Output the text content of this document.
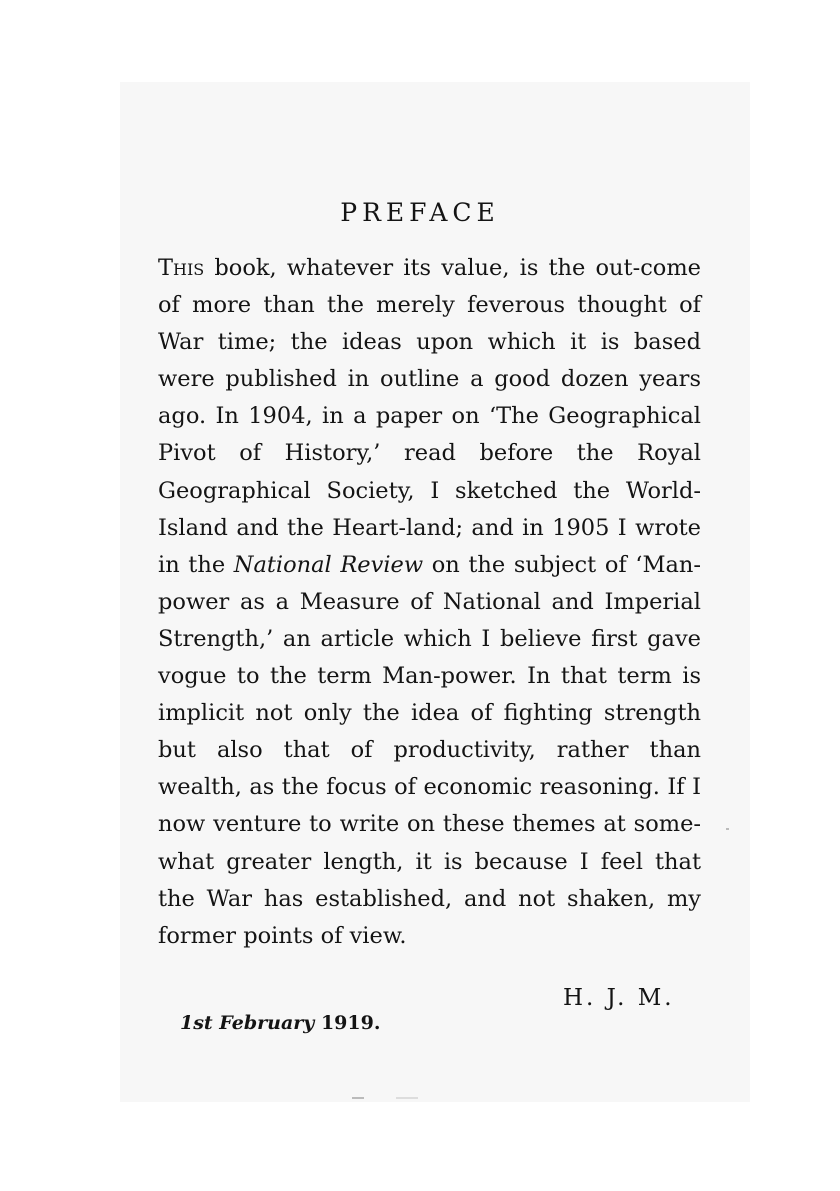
PREFACE

This book, whatever its value, is the out-come of more than the merely feverous thought of War time; the ideas upon which it is based were published in outline a good dozen years ago. In 1904, in a paper on ‘The Geographical Pivot of History,’ read before the Royal Geographical Society, I sketched the World-Island and the Heart-land; and in 1905 I wrote in the National Review on the subject of ‘Man-power as a Measure of National and Imperial Strength,’ an article which I believe first gave vogue to the term Man-power. In that term is implicit not only the idea of fighting strength but also that of productivity, rather than wealth, as the focus of economic reasoning. If I now venture to write on these themes at some-what greater length, it is because I feel that the War has established, and not shaken, my former points of view.

H. J. M.
1st February 1919.
